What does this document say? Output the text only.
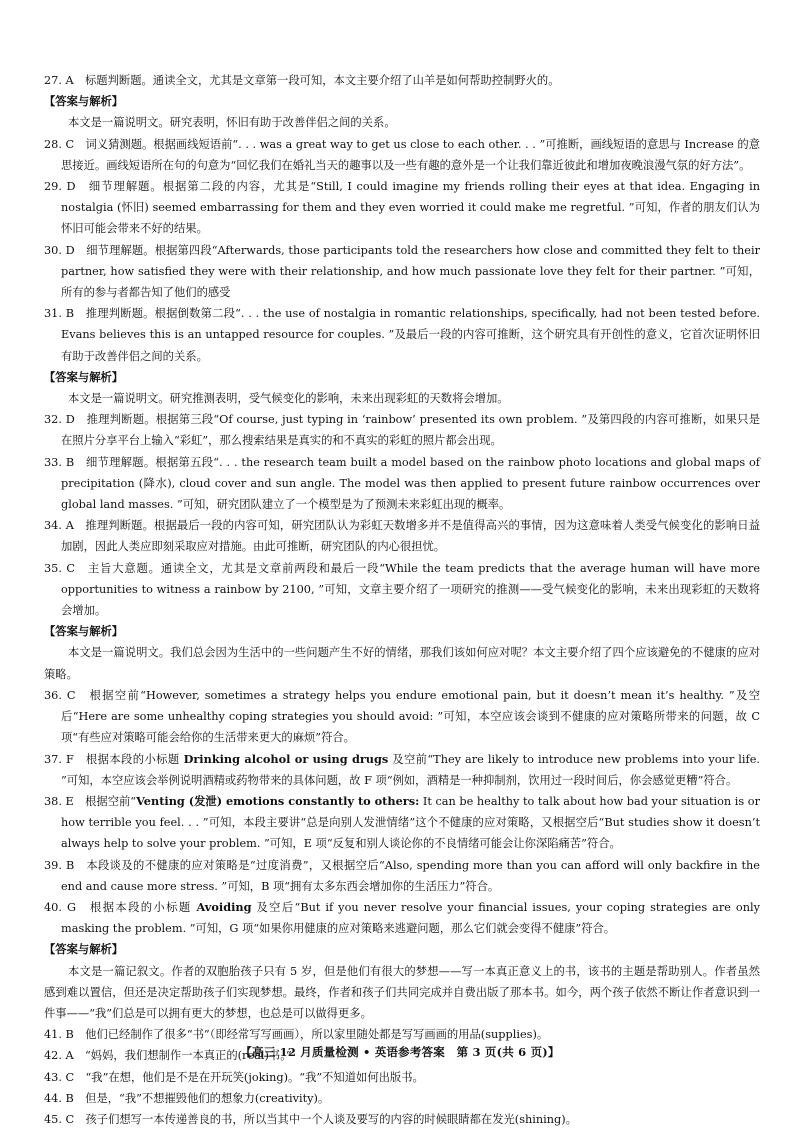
27. A　标题判断题。通读全文，尤其是文章第一段可知，本文主要介绍了山羊是如何帮助控制野火的。

【答案与解析】

本文是一篇说明文。研究表明，怀旧有助于改善伴侣之间的关系。

28. C　词义猜测题。根据画线短语前“. . . was a great way to get us close to each other. . . ”可推断，画线短语的意思与 Increase 的意思接近。画线短语所在句的句意为“回忆我们在婚礼当天的趣事以及一些有趣的意外是一个让我们靠近彼此和增加夜晚浪漫气氛的好方法”。

29. D　细节理解题。根据第二段的内容，尤其是“Still, I could imagine my friends rolling their eyes at that idea. Engaging in nostalgia (怀旧) seemed embarrassing for them and they even worried it could make me regretful. ”可知，作者的朋友们认为怀旧可能会带来不好的结果。

30. D　细节理解题。根据第四段“Afterwards, those participants told the researchers how close and committed they felt to their partner, how satisfied they were with their relationship, and how much passionate love they felt for their partner. ”可知，所有的参与者都告知了他们的感受

31. B　推理判断题。根据倒数第二段“. . . the use of nostalgia in romantic relationships, specifically, had not been tested before. Evans believes this is an untapped resource for couples. ”及最后一段的内容可推断，这个研究具有开创性的意义，它首次证明怀旧有助于改善伴侣之间的关系。

【答案与解析】

本文是一篇说明文。研究推测表明，受气候变化的影响，未来出现彩虹的天数将会增加。

32. D　推理判断题。根据第三段“Of course, just typing in ‘rainbow’ presented its own problem. ”及第四段的内容可推断，如果只是在照片分享平台上输入“彩虹”，那么搜索结果是真实的和不真实的彩虹的照片都会出现。

33. B　细节理解题。根据第五段“. . . the research team built a model based on the rainbow photo locations and global maps of precipitation (降水), cloud cover and sun angle. The model was then applied to present future rainbow occurrences over global land masses. ”可知，研究团队建立了一个模型是为了预测未来彩虹出现的概率。

34. A　推理判断题。根据最后一段的内容可知，研究团队认为彩虹天数增多并不是值得高兴的事情，因为这意味着人类受气候变化的影响日益加剧，因此人类应即刻采取应对措施。由此可推断，研究团队的内心很担忧。

35. C　主旨大意题。通读全文，尤其是文章前两段和最后一段“While the team predicts that the average human will have more opportunities to witness a rainbow by 2100, ”可知，文章主要介绍了一项研究的推测——受气候变化的影响，未来出现彩虹的天数将会增加。

【答案与解析】

本文是一篇说明文。我们总会因为生活中的一些问题产生不好的情绪，那我们该如何应对呢？本文主要介绍了四个应该避免的不健康的应对策略。

36. C　根据空前“However, sometimes a strategy helps you endure emotional pain, but it doesn’t mean it’s healthy. ”及空后“Here are some unhealthy coping strategies you should avoid: ”可知，本空应该会谈到不健康的应对策略所带来的问题，故 C 项“有些应对策略可能会给你的生活带来更大的麻烦”符合。

37. F　根据本段的小标题 Drinking alcohol or using drugs 及空前“They are likely to introduce new problems into your life. ”可知，本空应该会举例说明酒精或药物带来的具体问题，故 F 项“例如，酒精是一种抑制剂，饮用过一段时间后，你会感觉更糟”符合。

38. E　根据空前“Venting (发泄) emotions constantly to others: It can be healthy to talk about how bad your situation is or how terrible you feel. . . ”可知，本段主要讲“总是向别人发泄情绪”这个不健康的应对策略，又根据空后“But studies show it doesn’t always help to solve your problem. ”可知，E 项“反复和别人谈论你的不良情绪可能会让你深陷痛苦”符合。

39. B　本段谈及的不健康的应对策略是“过度消费”，又根据空后“Also, spending more than you can afford will only backfire in the end and cause more stress. ”可知，B 项“拥有太多东西会增加你的生活压力”符合。

40. G　根据本段的小标题 Avoiding 及空后“But if you never resolve your financial issues, your coping strategies are only masking the problem. ”可知，G 项“如果你用健康的应对策略来逃避问题，那么它们就会变得不健康”符合。

【答案与解析】

本文是一篇记叙文。作者的双胞胎孩子只有 5 岁，但是他们有很大的梦想——写一本真正意义上的书，该书的主题是帮助别人。作者虽然感到难以置信，但还是决定帮助孩子们实现梦想。最终，作者和孩子们共同完成并自费出版了那本书。如今，两个孩子依然不断让作者意识到一件事——“我”们总是可以拥有更大的梦想，也总是可以做得更多。

41. B　他们已经制作了很多“书”（即经常写写画画），所以家里随处都是写写画画的用品(supplies)。

42. A　“妈妈，我们想制作一本真正的(real)书。”

43. C　“我”在想，他们是不是在开玩笑(joking)。“我”不知道如何出版书。

44. B　但是，“我”不想摧毁他们的想象力(creativity)。

45. C　孩子们想写一本传递善良的书，所以当其中一个人谈及要写的内容的时候眼睛都在发光(shining)。

【高三 12 月质量检测 • 英语参考答案　第 3 页(共 6 页)】
